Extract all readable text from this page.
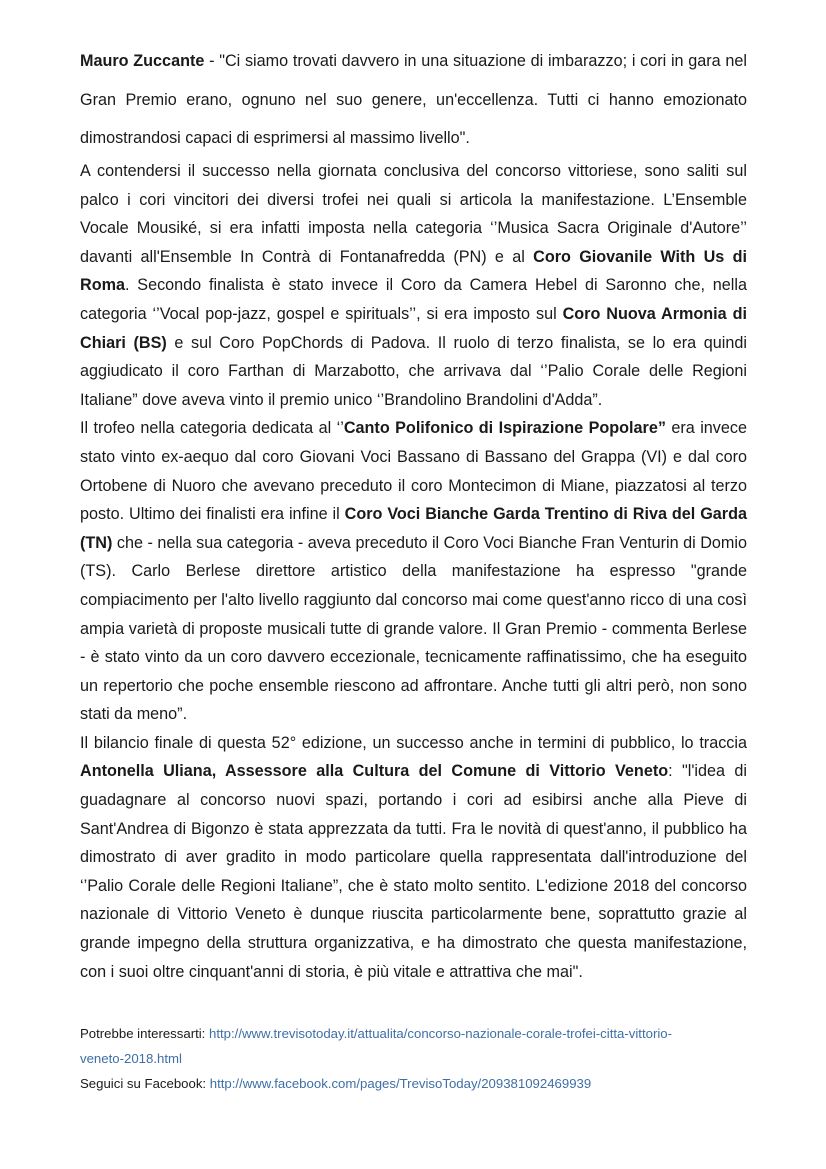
Mauro Zuccante - "Ci siamo trovati davvero in una situazione di imbarazzo; i cori in gara nel Gran Premio erano, ognuno nel suo genere, un'eccellenza. Tutti ci hanno emozionato dimostrandosi capaci di esprimersi al massimo livello".

A contendersi il successo nella giornata conclusiva del concorso vittoriese, sono saliti sul palco i cori vincitori dei diversi trofei nei quali si articola la manifestazione. L’Ensemble Vocale Mousiké, si era infatti imposta nella categoria ‘’Musica Sacra Originale d'Autore’’ davanti all'Ensemble In Contrà di Fontanafredda (PN) e al Coro Giovanile With Us di Roma. Secondo finalista è stato invece il Coro da Camera Hebel di Saronno che, nella categoria ‘’Vocal pop-jazz, gospel e spirituals’’, si era imposto sul Coro Nuova Armonia di Chiari (BS) e sul Coro PopChords di Padova. Il ruolo di terzo finalista, se lo era quindi aggiudicato il coro Farthan di Marzabotto, che arrivava dal ‘’Palio Corale delle Regioni Italiane” dove aveva vinto il premio unico ‘’Brandolino Brandolini d'Adda”.

Il trofeo nella categoria dedicata al ‘’Canto Polifonico di Ispirazione Popolare” era invece stato vinto ex-aequo dal coro Giovani Voci Bassano di Bassano del Grappa (VI) e dal coro Ortobene di Nuoro che avevano preceduto il coro Montecimon di Miane, piazzatosi al terzo posto. Ultimo dei finalisti era infine il Coro Voci Bianche Garda Trentino di Riva del Garda (TN) che - nella sua categoria - aveva preceduto il Coro Voci Bianche Fran Venturin di Domio (TS). Carlo Berlese direttore artistico della manifestazione ha espresso "grande compiacimento per l'alto livello raggiunto dal concorso mai come quest'anno ricco di una così ampia varietà di proposte musicali tutte di grande valore. Il Gran Premio - commenta Berlese - è stato vinto da un coro davvero eccezionale, tecnicamente raffinatissimo, che ha eseguito un repertorio che poche ensemble riescono ad affrontare. Anche tutti gli altri però, non sono stati da meno”.

Il bilancio finale di questa 52° edizione, un successo anche in termini di pubblico, lo traccia Antonella Uliana, Assessore alla Cultura del Comune di Vittorio Veneto: "l'idea di guadagnare al concorso nuovi spazi, portando i cori ad esibirsi anche alla Pieve di Sant'Andrea di Bigonzo è stata apprezzata da tutti. Fra le novità di quest'anno, il pubblico ha dimostrato di aver gradito in modo particolare quella rappresentata dall'introduzione del ‘’Palio Corale delle Regioni Italiane”, che è stato molto sentito. L'edizione 2018 del concorso nazionale di Vittorio Veneto è dunque riuscita particolarmente bene, soprattutto grazie al grande impegno della struttura organizzativa, e ha dimostrato che questa manifestazione, con i suoi oltre cinquant'anni di storia, è più vitale e attrattiva che mai".

Potrebbe interessarti: http://www.trevisotoday.it/attualita/concorso-nazionale-corale-trofei-citta-vittorio-
veneto-2018.html
Seguici su Facebook: http://www.facebook.com/pages/TrevisoToday/209381092469939
